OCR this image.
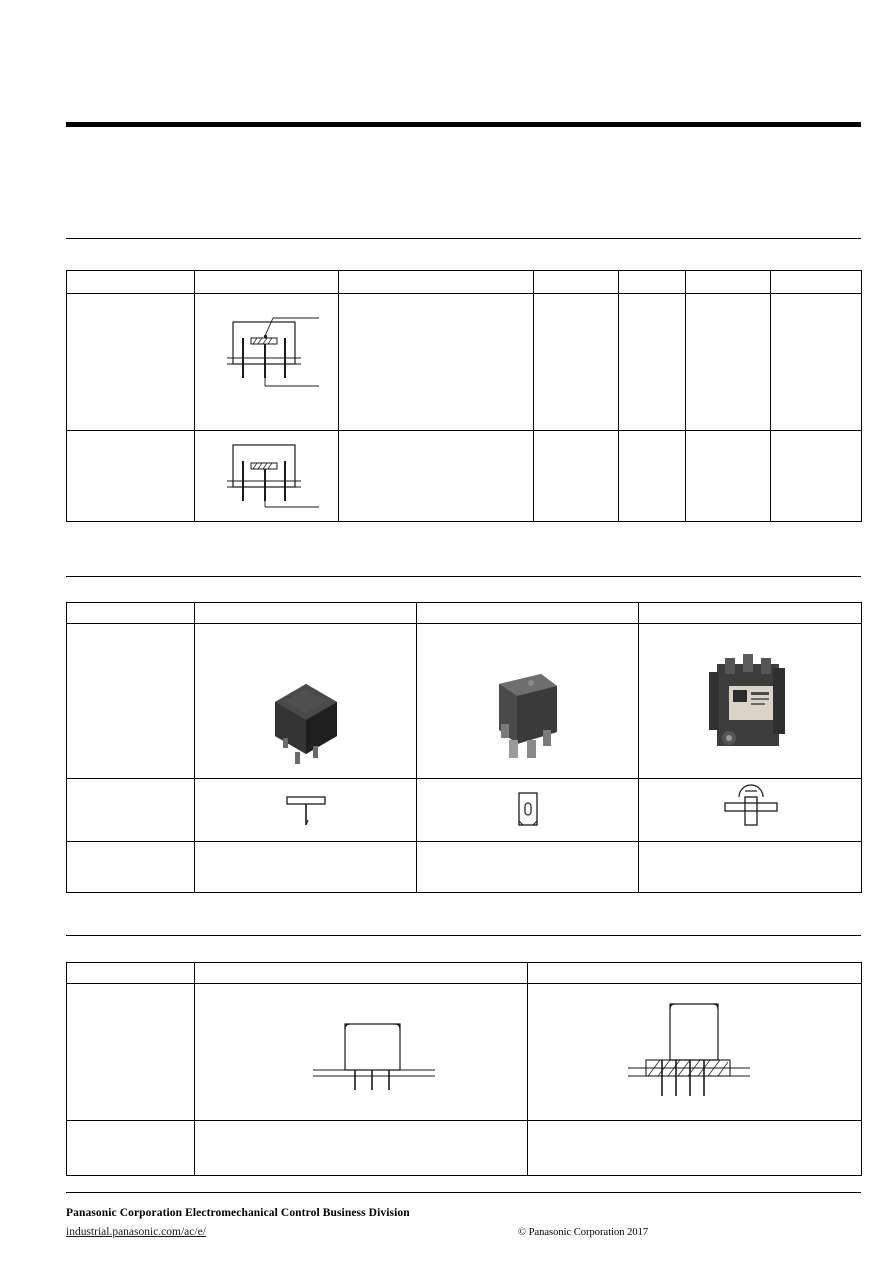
Panasonic Corporation Electromechanical Control Business Division
industrial.panasonic.com/ac/e/	© Panasonic Corporation 2017
